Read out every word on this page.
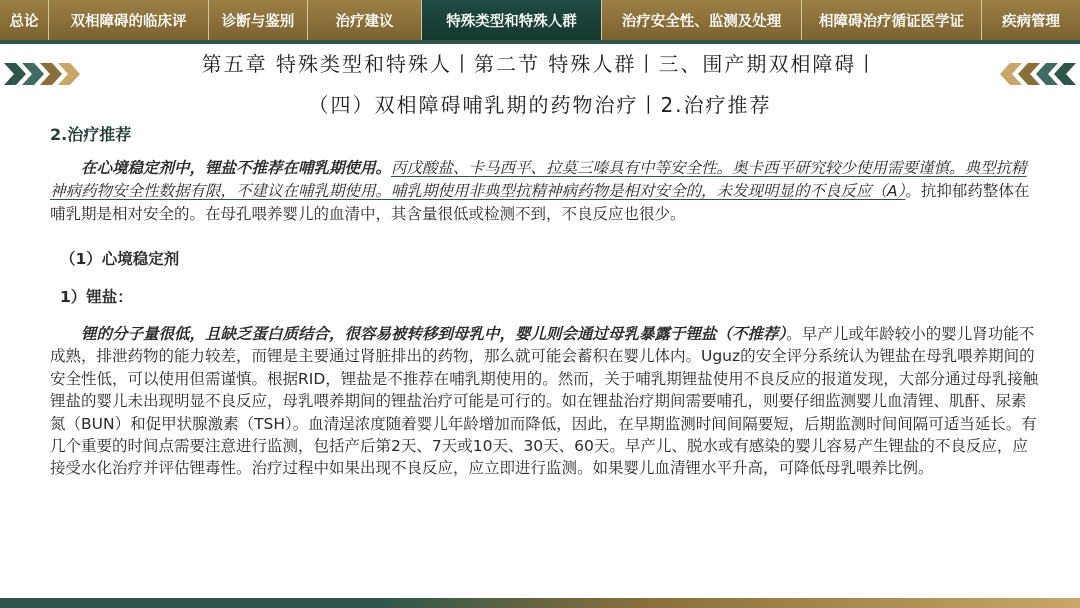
总论	双相障碍的临床评	诊断与鉴别	治疗建议	特殊类型和特殊人群	治疗安全性、监测及处理	相障碍治疗循证医学证	疾病管理
第五章 特殊类型和特殊人丨第二节 特殊人群丨三、围产期双相障碍丨
（四）双相障碍哺乳期的药物治疗丨2.治疗推荐
2.治疗推荐

在心境稳定剂中，锂盐不推荐在哺乳期使用。丙戊酸盐、卡马西平、拉莫三嗪具有中等安全性。奥卡西平研究较少使用需要谨慎。典型抗精神病药物安全性数据有限，不建议在哺乳期使用。哺乳期使用非典型抗精神病药物是相对安全的，未发现明显的不良反应（A）。抗抑郁药整体在哺乳期是相对安全的。在母孔喂养婴儿的血清中，其含量很低或检测不到，不良反应也很少。

（1）心境稳定剂
1）锂盐：

锂的分子量很低，且缺乏蛋白质结合，很容易被转移到母乳中，婴儿则会通过母乳暴露于锂盐（不推荐）。早产儿或年龄较小的婴儿肾功能不成熟，排泄药物的能力较差，而锂是主要通过肾脏排出的药物，那么就可能会蓄积在婴儿体内。Uguz的安全评分系统认为锂盐在母乳喂养期间的安全性低，可以使用但需谨慎。根据RID，锂盐是不推荐在哺乳期使用的。然而，关于哺乳期锂盐使用不良反应的报道发现，大部分通过母乳接触锂盐的婴儿未出现明显不良反应，母乳喂养期间的锂盐治疗可能是可行的。如在锂盐治疗期间需要哺孔，则要仔细监测婴儿血清锂、肌酐、尿素氮（BUN）和促甲状腺激素（TSH）。血清逞浓度随着婴儿年龄增加而降低，因此，在早期监测时间间隔要短，后期监测时间间隔可适当延长。有几个重要的时间点需要注意进行监测，包括产后第2天、7天或10天、30天、60天。早产儿、脱水或有感染的婴儿容易产生锂盐的不良反应，应接受水化治疗并评估锂毒性。治疗过程中如果出现不良反应，应立即进行监测。如果婴儿血清锂水平升高，可降低母乳喂养比例。
